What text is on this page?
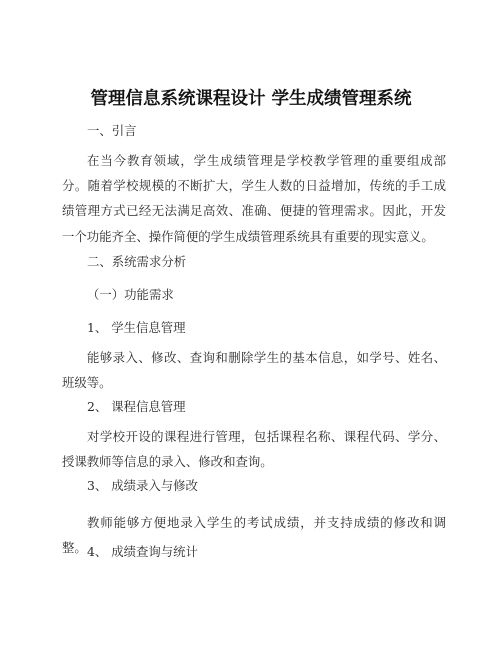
管理信息系统课程设计 学生成绩管理系统
一、引言
在当今教育领域，学生成绩管理是学校教学管理的重要组成部分。随着学校规模的不断扩大，学生人数的日益增加，传统的手工成绩管理方式已经无法满足高效、准确、便捷的管理需求。因此，开发一个功能齐全、操作简便的学生成绩管理系统具有重要的现实意义。
二、系统需求分析
（一）功能需求
1、 学生信息管理
能够录入、修改、查询和删除学生的基本信息，如学号、姓名、班级等。
2、 课程信息管理
对学校开设的课程进行管理，包括课程名称、课程代码、学分、授课教师等信息的录入、修改和查询。
3、 成绩录入与修改
教师能够方便地录入学生的考试成绩，并支持成绩的修改和调整。 4、 成绩查询与统计
